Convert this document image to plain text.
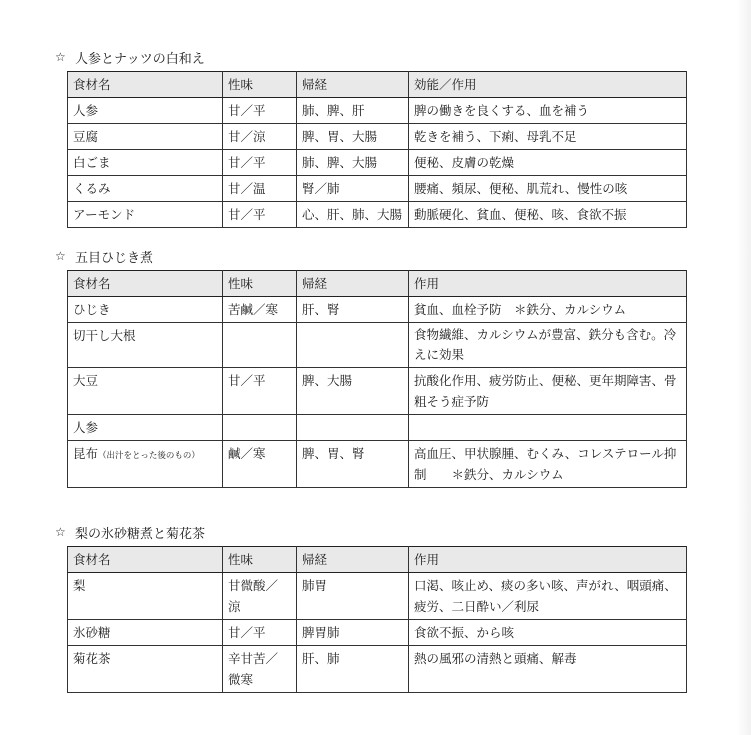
☆ 人参とナッツの白和え
食材名	性味	帰経	効能／作用
人参	甘／平	肺、脾、肝	脾の働きを良くする、血を補う
豆腐	甘／涼	脾、胃、大腸	乾きを補う、下痢、母乳不足
白ごま	甘／平	肺、脾、大腸	便秘、皮膚の乾燥
くるみ	甘／温	腎／肺	腰痛、頻尿、便秘、肌荒れ、慢性の咳
アーモンド	甘／平	心、肝、肺、大腸	動脈硬化、貧血、便秘、咳、食欲不振
☆ 五目ひじき煮
食材名	性味	帰経	作用
ひじき	苦鹹／寒	肝、腎	貧血、血栓予防　＊鉄分、カルシウム
切干し大根			食物繊維、カルシウムが豊富、鉄分も含む。冷えに効果
大豆	甘／平	脾、大腸	抗酸化作用、疲労防止、便秘、更年期障害、骨粗そう症予防
人参			
昆布（出汁をとった後のもの）	鹹／寒	脾、胃、腎	高血圧、甲状腺腫、むくみ、コレステロール抑制　　＊鉄分、カルシウム
☆ 梨の氷砂糖煮と菊花茶
食材名	性味	帰経	作用
梨	甘微酸／涼	肺胃	口渇、咳止め、痰の多い咳、声がれ、咽頭痛、疲労、二日酔い／利尿
氷砂糖	甘／平	脾胃肺	食欲不振、から咳
菊花茶	辛甘苦／微寒	肝、肺	熱の風邪の清熱と頭痛、解毒
